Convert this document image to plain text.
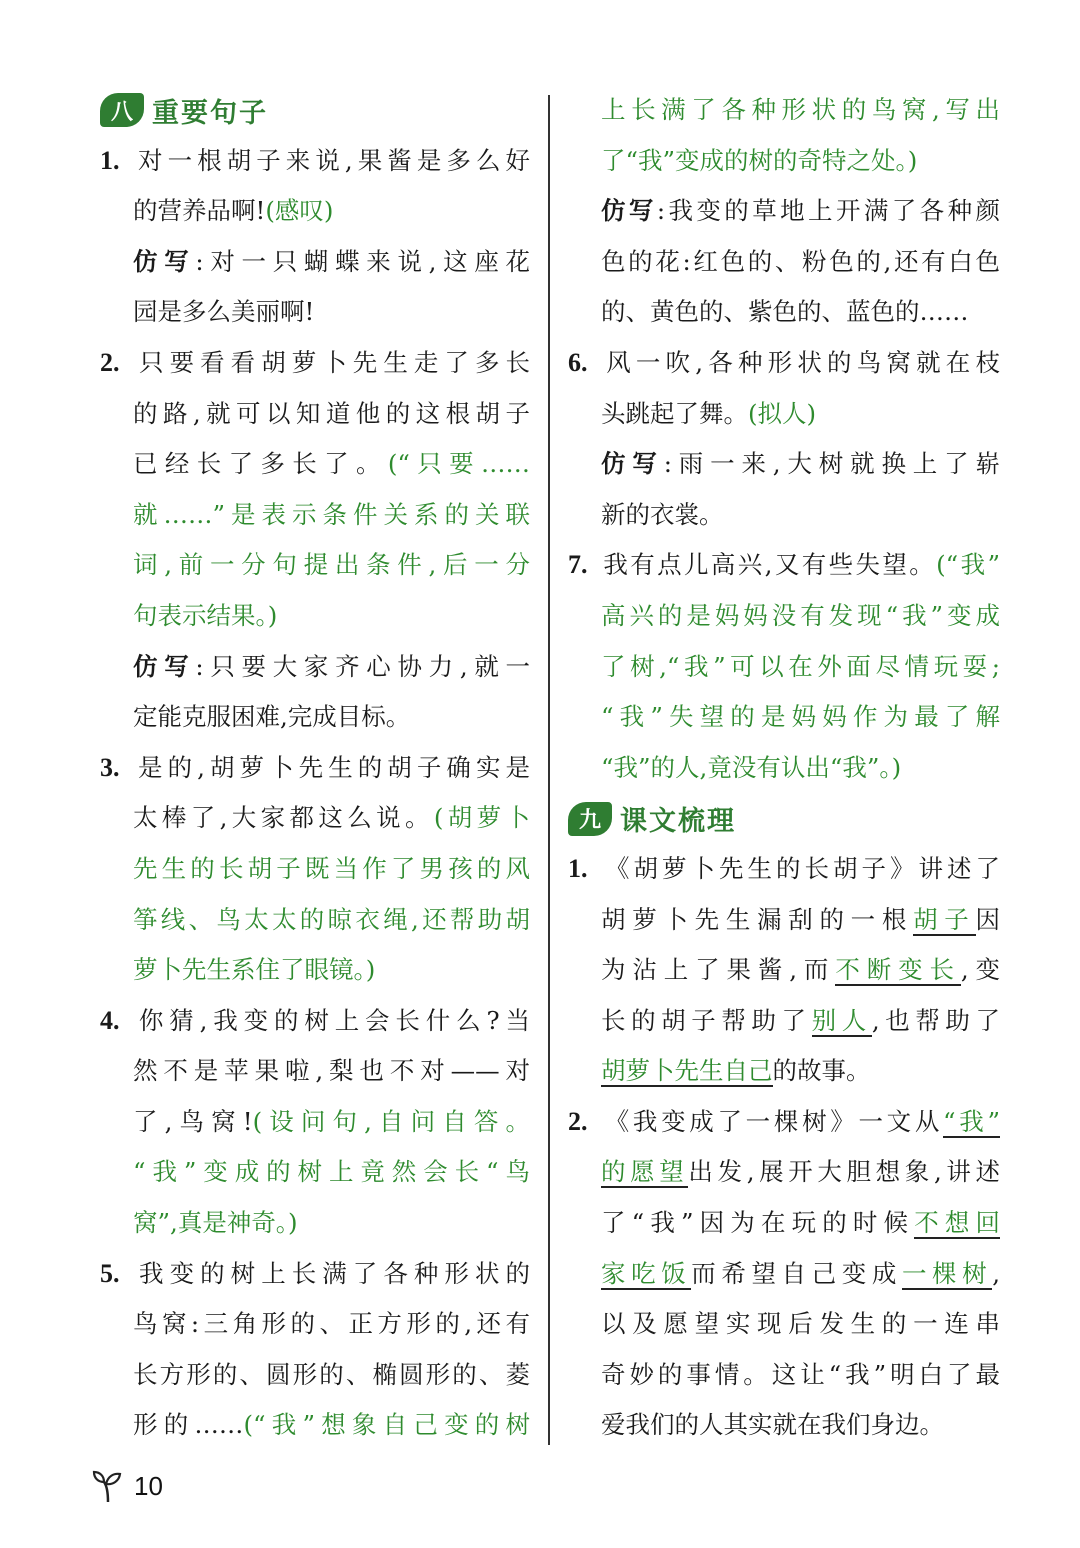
八 重要句子
1. 对一根胡子来说,果酱是多么好
的营养品啊!(感叹)
仿写:对一只蝴蝶来说,这座花
园是多么美丽啊!
2. 只要看看胡萝卜先生走了多长
的路,就可以知道他的这根胡子
已经长了多长了。(“只要……
就……”是表示条件关系的关联
词,前一分句提出条件,后一分
句表示结果。)
仿写:只要大家齐心协力,就一
定能克服困难,完成目标。
3. 是的,胡萝卜先生的胡子确实是
太棒了,大家都这么说。(胡萝卜
先生的长胡子既当作了男孩的风
筝线、鸟太太的晾衣绳,还帮助胡
萝卜先生系住了眼镜。)
4. 你猜,我变的树上会长什么?当
然不是苹果啦,梨也不对——对
了,鸟窝!(设问句,自问自答。
“我”变成的树上竟然会长“鸟
窝”,真是神奇。)
5. 我变的树上长满了各种形状的
鸟窝:三角形的、正方形的,还有
长方形的、圆形的、椭圆形的、菱
形的……(“我”想象自己变的树
上长满了各种形状的鸟窝,写出
了“我”变成的树的奇特之处。)
仿写:我变的草地上开满了各种颜
色的花:红色的、粉色的,还有白色
的、黄色的、紫色的、蓝色的……
6. 风一吹,各种形状的鸟窝就在枝
头跳起了舞。(拟人)
仿写:雨一来,大树就换上了崭
新的衣裳。
7. 我有点儿高兴,又有些失望。(“我”
高兴的是妈妈没有发现“我”变成
了树,“我”可以在外面尽情玩耍;
“我”失望的是妈妈作为最了解
“我”的人,竟没有认出“我”。)
九 课文梳理
1. 《胡萝卜先生的长胡子》讲述了
胡萝卜先生漏刮的一根胡子因
为沾上了果酱,而不断变长,变
长的胡子帮助了别人,也帮助了
胡萝卜先生自己的故事。
2. 《我变成了一棵树》一文从“我”
的愿望出发,展开大胆想象,讲述
了“我”因为在玩的时候不想回
家吃饭而希望自己变成一棵树,
以及愿望实现后发生的一连串
奇妙的事情。这让“我”明白了最
爱我们的人其实就在我们身边。
10
